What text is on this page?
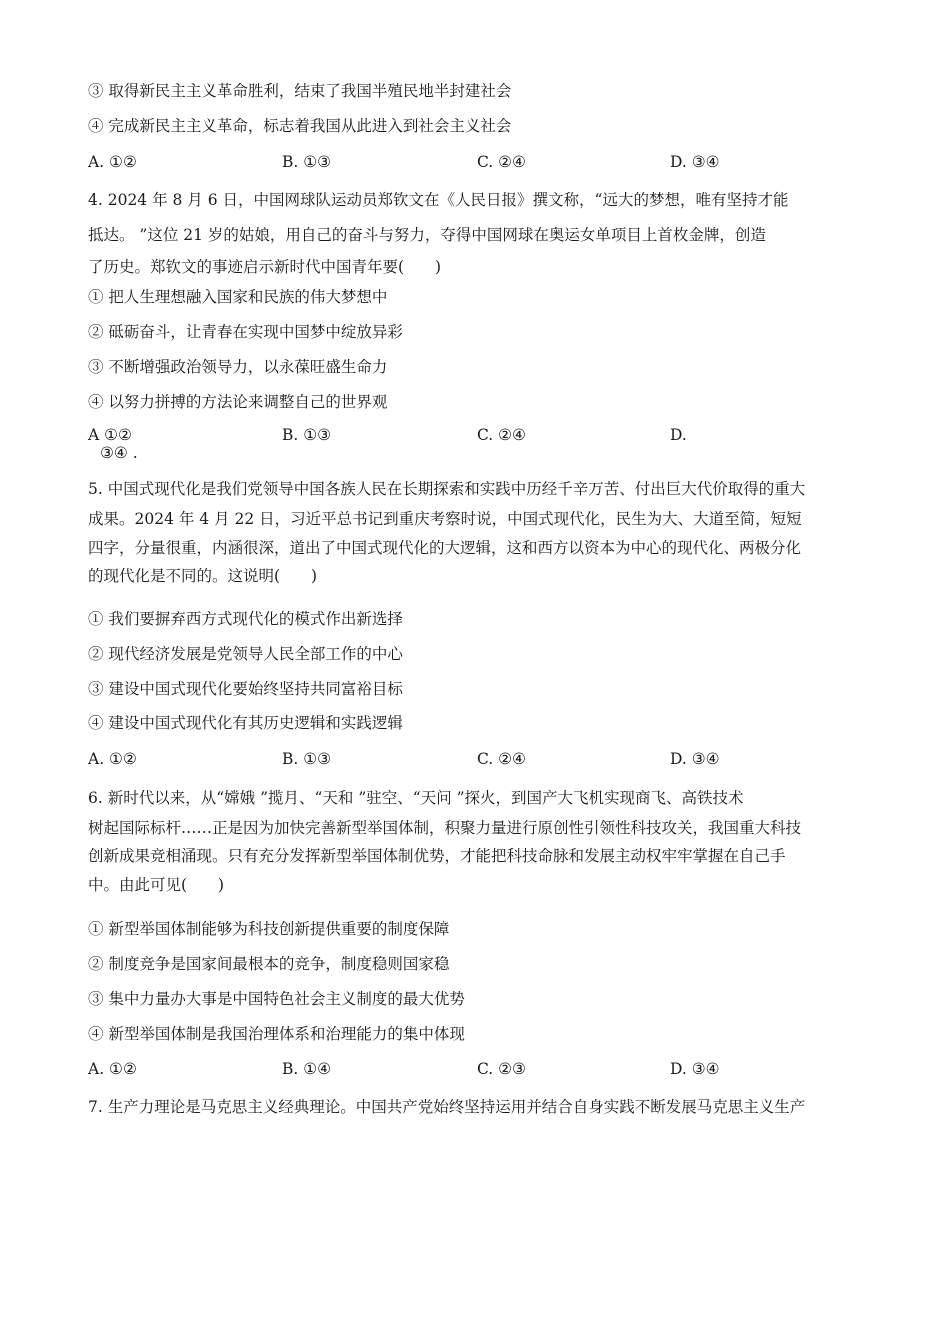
③ 取得新民主主义革命胜利，结束了我国半殖民地半封建社会
④ 完成新民主主义革命，标志着我国从此进入到社会主义社会
A. ①②	B. ①③	C. ②④	D. ③④
4. 2024 年 8 月 6 日，中国网球队运动员郑钦文在《人民日报》撰文称，“远大的梦想，唯有坚持才能
抵达。 ”这位 21 岁的姑娘，用自己的奋斗与努力，夺得中国网球在奥运女单项目上首枚金牌，创造
了历史。郑钦文的事迹启示新时代中国青年要(　　)
① 把人生理想融入国家和民族的伟大梦想中
② 砥砺奋斗，让青春在实现中国梦中绽放异彩
③ 不断增强政治领导力，以永葆旺盛生命力
④ 以努力拼搏的方法论来调整自己的世界观
A ①②	B. ①③	C. ②④	D.
③④ .
5. 中国式现代化是我们党领导中国各族人民在长期探索和实践中历经千辛万苦、付出巨大代价取得的重大
成果。2024 年 4 月 22 日，习近平总书记到重庆考察时说，中国式现代化，民生为大、大道至简，短短
四字，分量很重，内涵很深，道出了中国式现代化的大逻辑，这和西方以资本为中心的现代化、两极分化
的现代化是不同的。这说明(　　)
① 我们要摒弃西方式现代化的模式作出新选择
② 现代经济发展是党领导人民全部工作的中心
③ 建设中国式现代化要始终坚持共同富裕目标
④ 建设中国式现代化有其历史逻辑和实践逻辑
A. ①②	B. ①③	C. ②④	D. ③④
6. 新时代以来，从“嫦娥 ”揽月、“天和 ”驻空、“天问 ”探火，到国产大飞机实现商飞、高铁技术
树起国际标杆……正是因为加快完善新型举国体制，积聚力量进行原创性引领性科技攻关，我国重大科技
创新成果竞相涌现。只有充分发挥新型举国体制优势，才能把科技命脉和发展主动权牢牢掌握在自己手
中。由此可见(　　)
① 新型举国体制能够为科技创新提供重要的制度保障
② 制度竞争是国家间最根本的竞争，制度稳则国家稳
③ 集中力量办大事是中国特色社会主义制度的最大优势
④ 新型举国体制是我国治理体系和治理能力的集中体现
A. ①②	B. ①④	C. ②③	D. ③④
7. 生产力理论是马克思主义经典理论。中国共产党始终坚持运用并结合自身实践不断发展马克思主义生产
